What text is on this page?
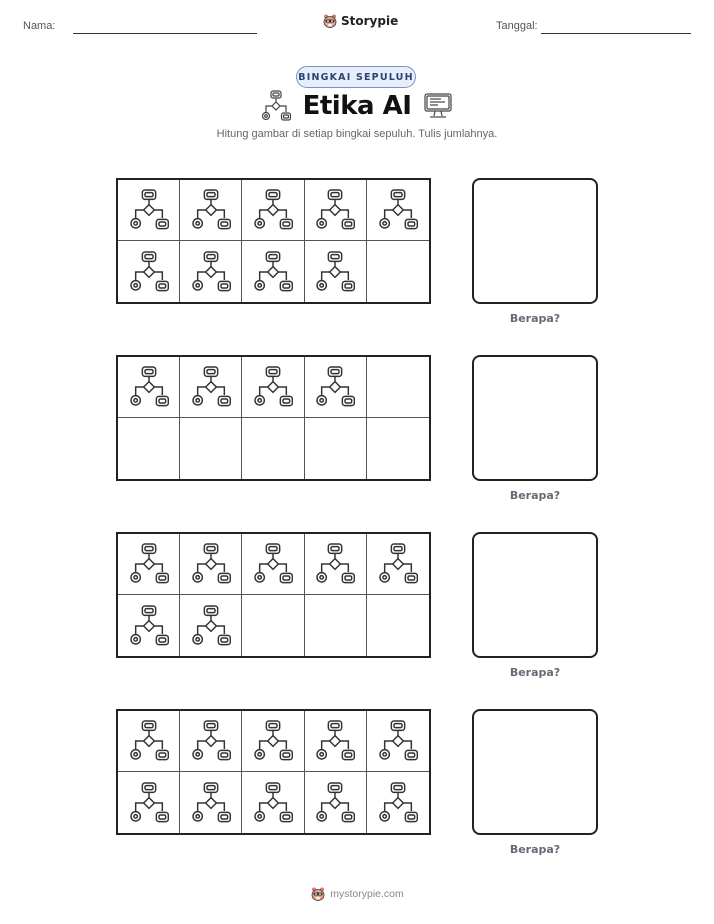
Nama:	Storypie	Tanggal:
BINGKAI SEPULUH
Etika AI
Hitung gambar di setiap bingkai sepuluh. Tulis jumlahnya.
Berapa?
Berapa?
Berapa?
Berapa?
mystorypie.com
